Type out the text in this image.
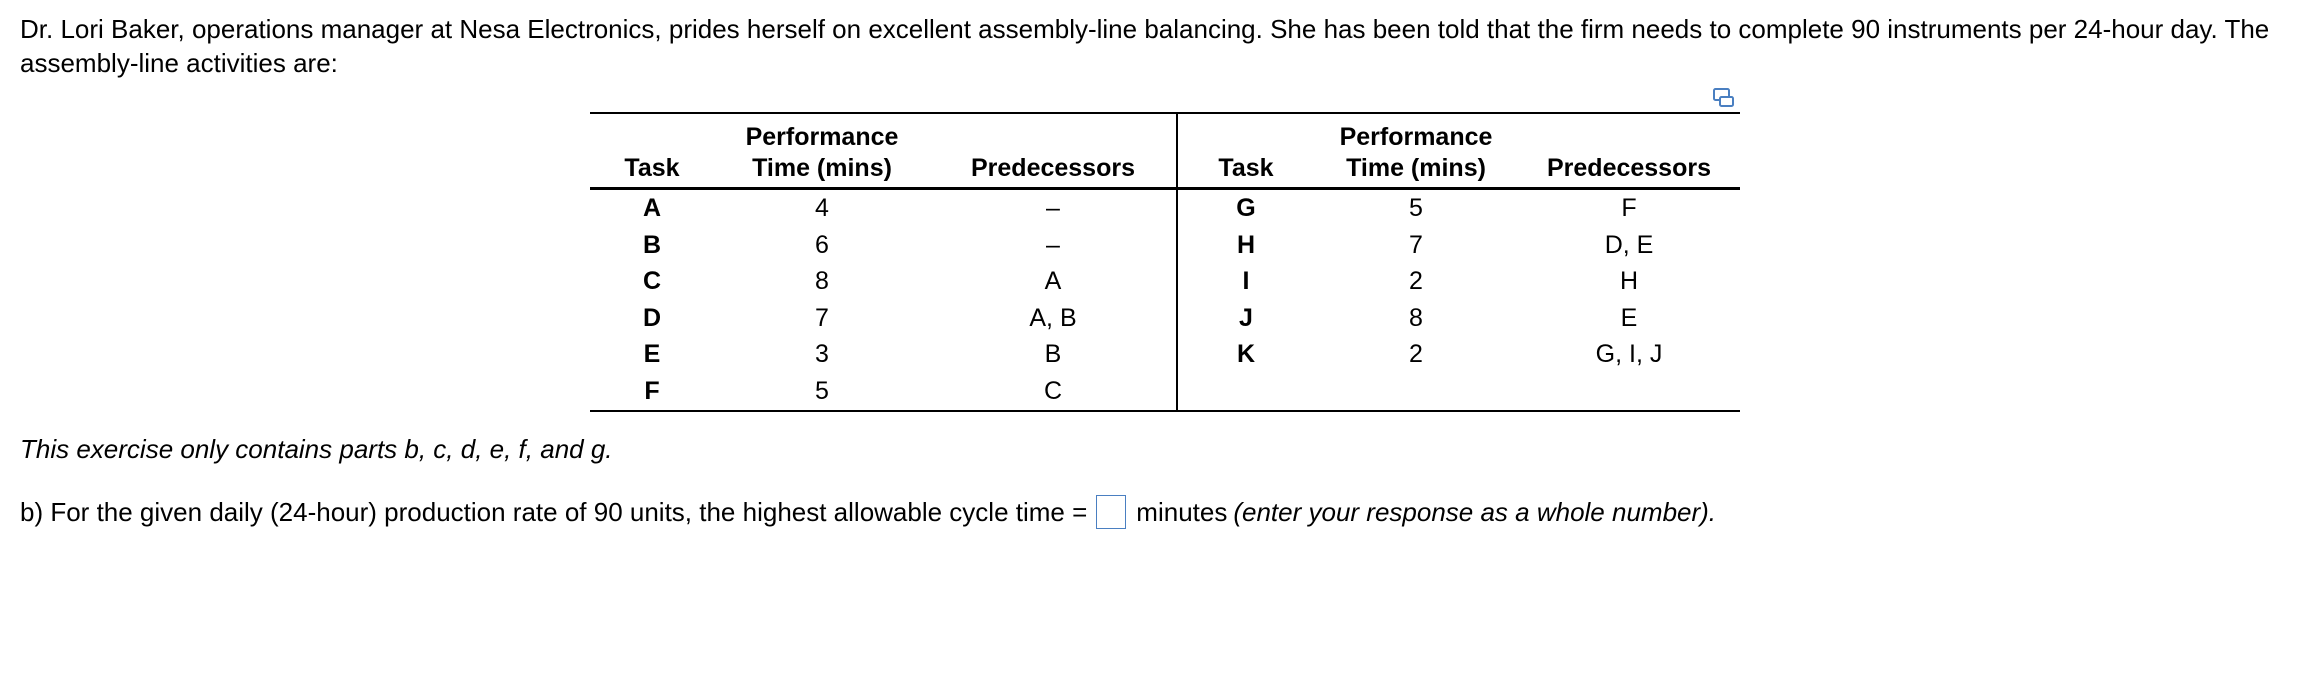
Dr. Lori Baker, operations manager at Nesa Electronics, prides herself on excellent assembly-line balancing. She has been told that the firm needs to complete 90 instruments per 24-hour day. The assembly-line activities are:

Task	Performance
Time (mins)	Predecessors
A	4	–
B	6	–
C	8	A
D	7	A, B
E	3	B
F	5	C
Task	Performance
Time (mins)	Predecessors
G	5	F
H	7	D, E
I	2	H
J	8	E
K	2	G, I, J

This exercise only contains parts b, c, d, e, f, and g.

b) For the given daily (24-hour) production rate of 90 units, the highest allowable cycle time = minutes (enter your response as a whole number).
